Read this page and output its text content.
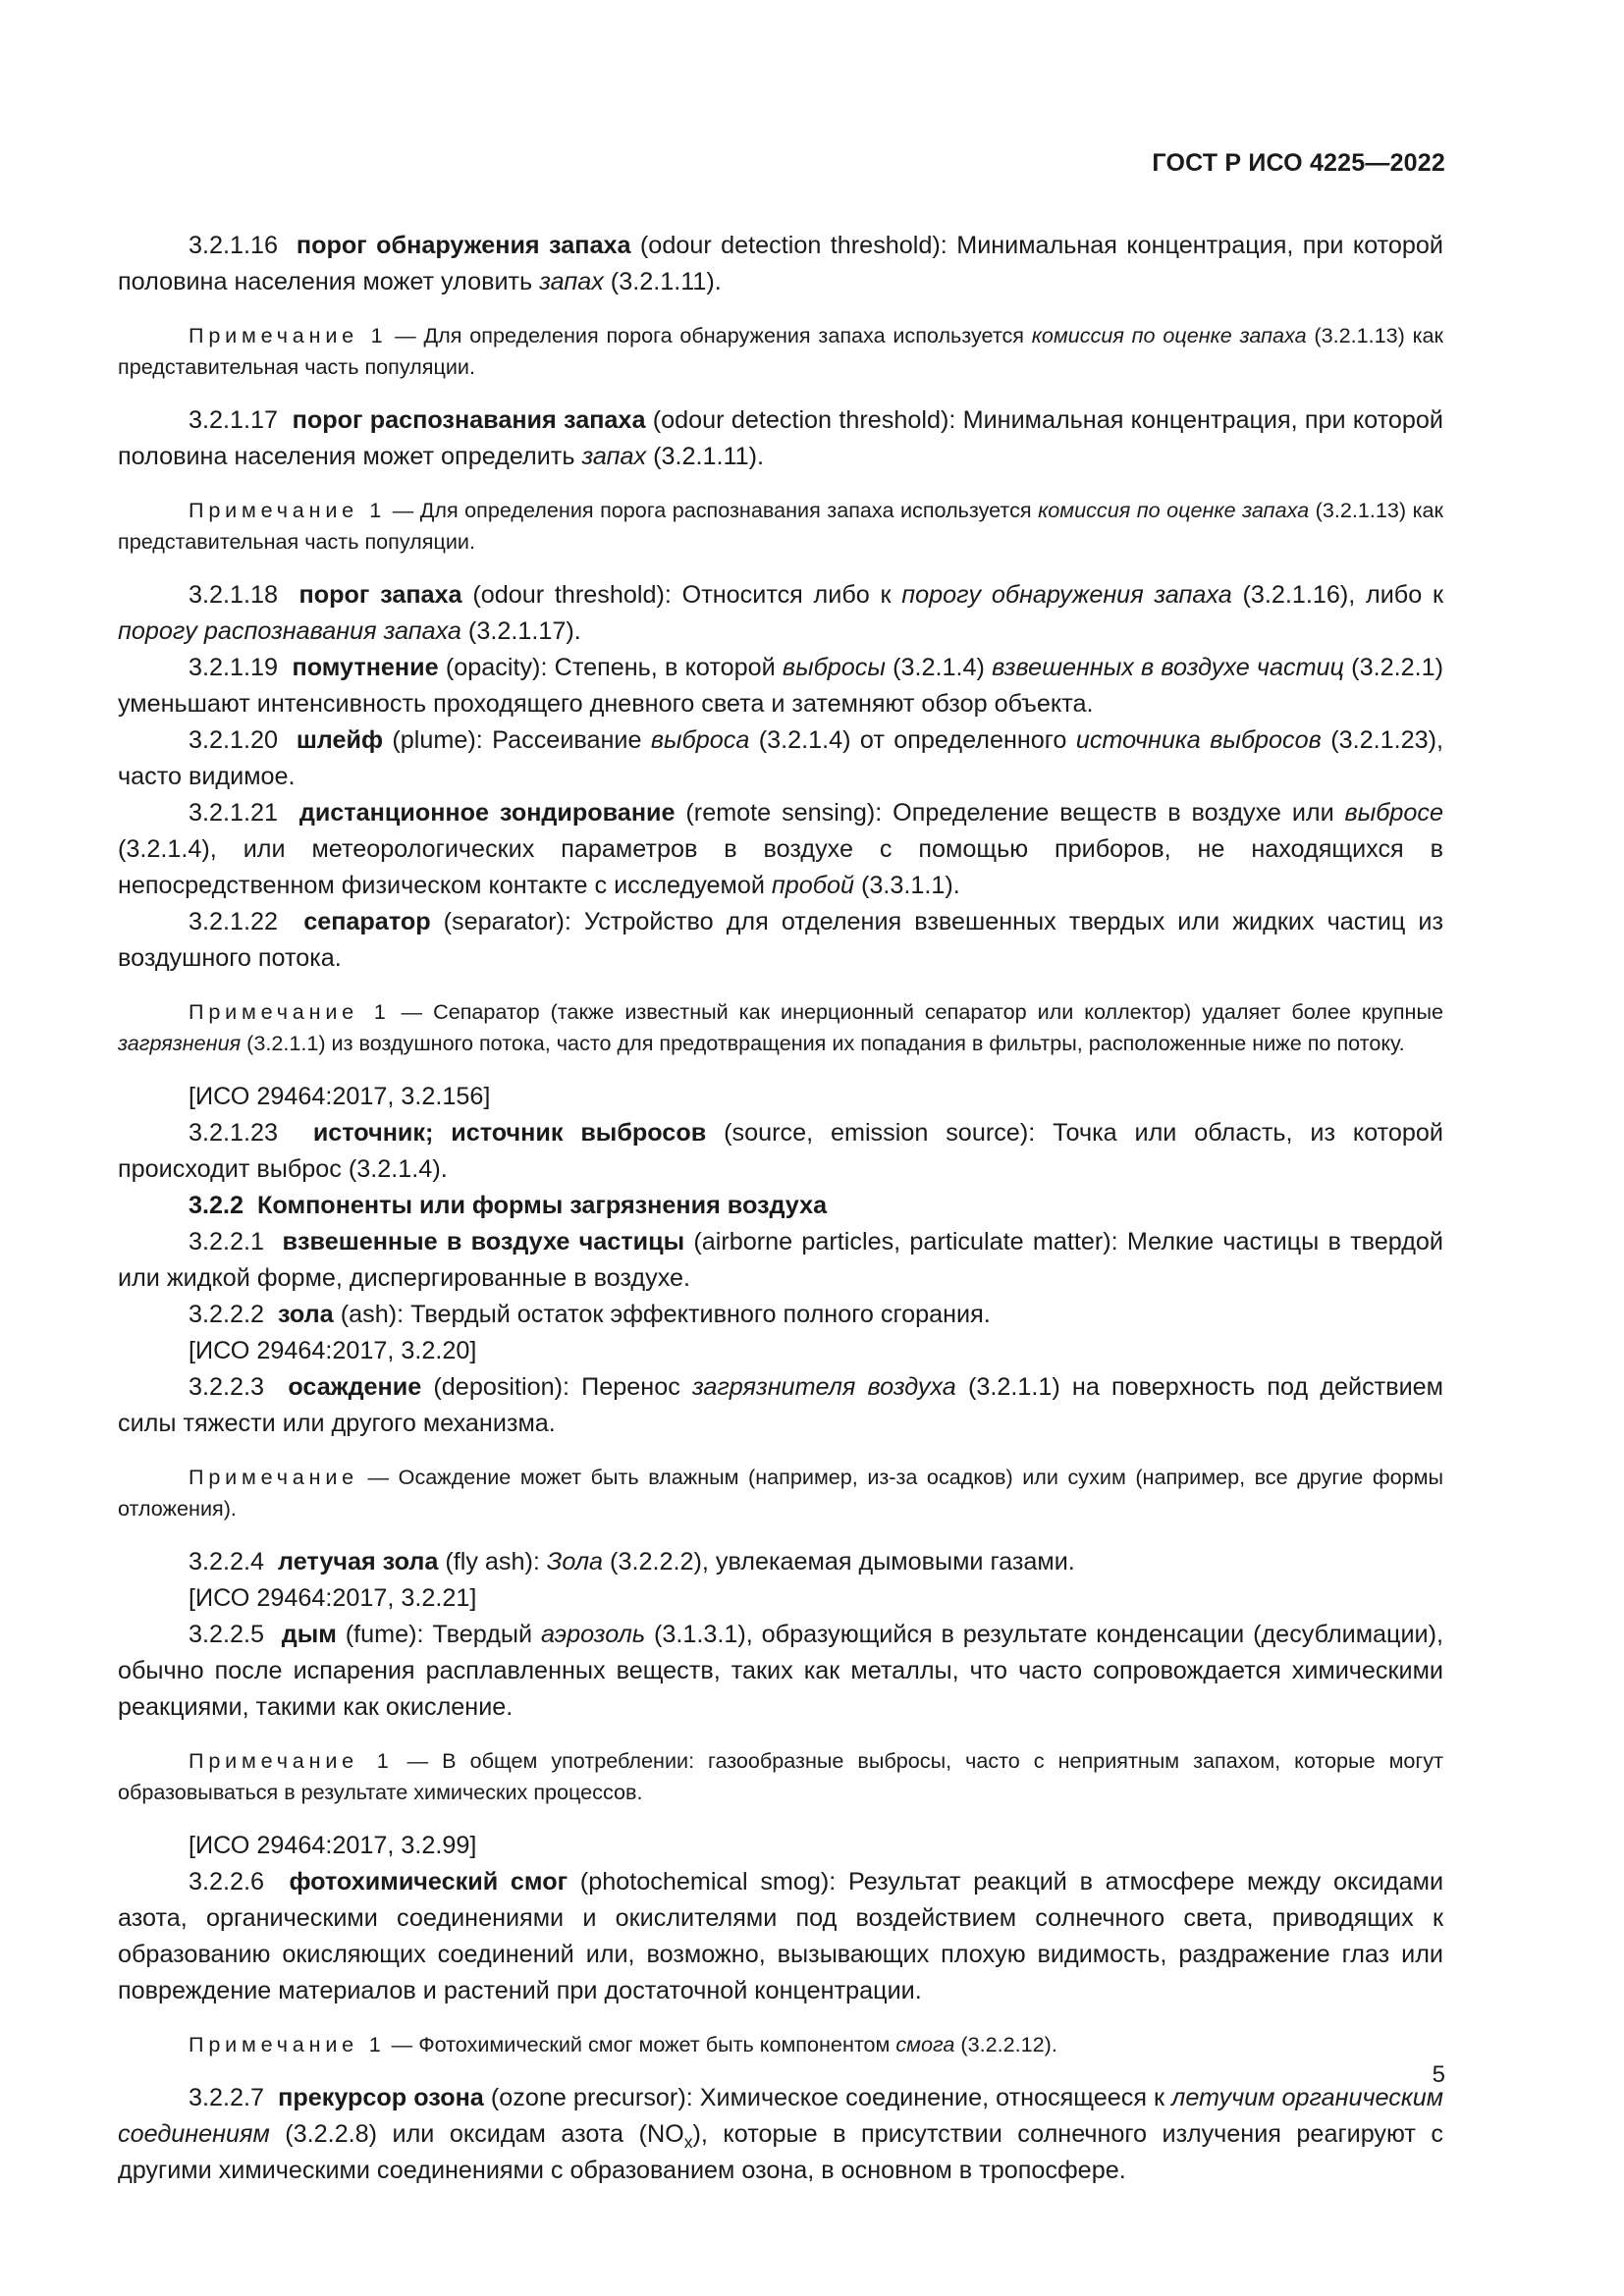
ГОСТ Р ИСО 4225—2022

3.2.1.16 порог обнаружения запаха (odour detection threshold): Минимальная концентрация, при которой половина населения может уловить запах (3.2.1.11).

Примечание 1 — Для определения порога обнаружения запаха используется комиссия по оценке запаха (3.2.1.13) как представительная часть популяции.

3.2.1.17 порог распознавания запаха (odour detection threshold): Минимальная концентрация, при которой половина населения может определить запах (3.2.1.11).

Примечание 1 — Для определения порога распознавания запаха используется комиссия по оценке запаха (3.2.1.13) как представительная часть популяции.

3.2.1.18 порог запаха (odour threshold): Относится либо к порогу обнаружения запаха (3.2.1.16), либо к порогу распознавания запаха (3.2.1.17).

3.2.1.19 помутнение (opacity): Степень, в которой выбросы (3.2.1.4) взвешенных в воздухе частиц (3.2.2.1) уменьшают интенсивность проходящего дневного света и затемняют обзор объекта.

3.2.1.20 шлейф (plume): Рассеивание выброса (3.2.1.4) от определенного источника выбросов (3.2.1.23), часто видимое.

3.2.1.21 дистанционное зондирование (remote sensing): Определение веществ в воздухе или выбросе (3.2.1.4), или метеорологических параметров в воздухе с помощью приборов, не находящихся в непосредственном физическом контакте с исследуемой пробой (3.3.1.1).

3.2.1.22 сепаратор (separator): Устройство для отделения взвешенных твердых или жидких частиц из воздушного потока.

Примечание 1 — Сепаратор (также известный как инерционный сепаратор или коллектор) удаляет более крупные загрязнения (3.2.1.1) из воздушного потока, часто для предотвращения их попадания в фильтры, расположенные ниже по потоку.

[ИСО 29464:2017, 3.2.156]

3.2.1.23 источник; источник выбросов (source, emission source): Точка или область, из которой происходит выброс (3.2.1.4).

3.2.2 Компоненты или формы загрязнения воздуха

3.2.2.1 взвешенные в воздухе частицы (airborne particles, particulate matter): Мелкие частицы в твердой или жидкой форме, диспергированные в воздухе.

3.2.2.2 зола (ash): Твердый остаток эффективного полного сгорания.

[ИСО 29464:2017, 3.2.20]

3.2.2.3 осаждение (deposition): Перенос загрязнителя воздуха (3.2.1.1) на поверхность под действием силы тяжести или другого механизма.

Примечание — Осаждение может быть влажным (например, из-за осадков) или сухим (например, все другие формы отложения).

3.2.2.4 летучая зола (fly ash): Зола (3.2.2.2), увлекаемая дымовыми газами.

[ИСО 29464:2017, 3.2.21]

3.2.2.5 дым (fume): Твердый аэрозоль (3.1.3.1), образующийся в результате конденсации (десублимации), обычно после испарения расплавленных веществ, таких как металлы, что часто сопровождается химическими реакциями, такими как окисление.

Примечание 1 — В общем употреблении: газообразные выбросы, часто с неприятным запахом, которые могут образовываться в результате химических процессов.

[ИСО 29464:2017, 3.2.99]

3.2.2.6 фотохимический смог (photochemical smog): Результат реакций в атмосфере между оксидами азота, органическими соединениями и окислителями под воздействием солнечного света, приводящих к образованию окисляющих соединений или, возможно, вызывающих плохую видимость, раздражение глаз или повреждение материалов и растений при достаточной концентрации.

Примечание 1 — Фотохимический смог может быть компонентом смога (3.2.2.12).

3.2.2.7 прекурсор озона (ozone precursor): Химическое соединение, относящееся к летучим органическим соединениям (3.2.2.8) или оксидам азота $(NO_x)$, которые в присутствии солнечного излучения реагируют с другими химическими соединениями с образованием озона, в основном в тропосфере.

5
